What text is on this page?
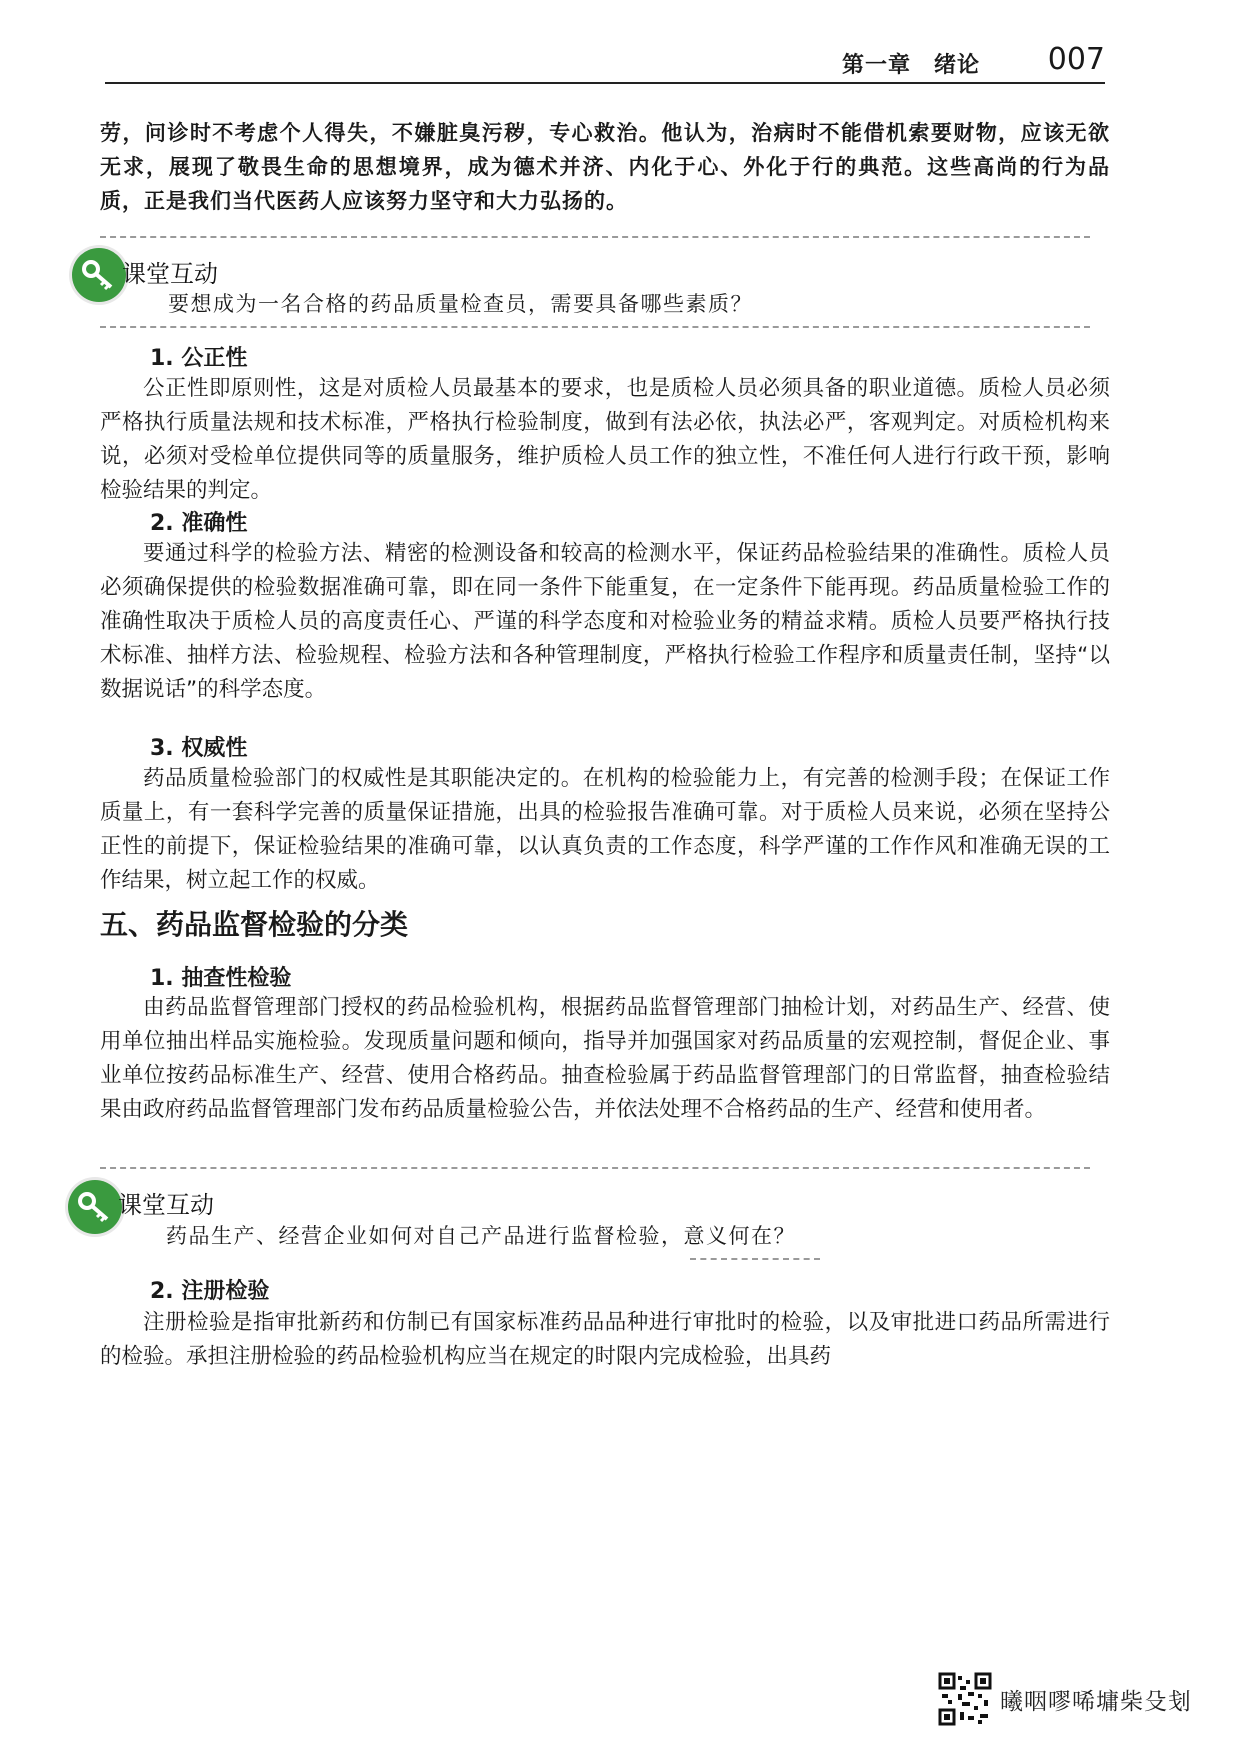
第一章　绪论 007

劳，问诊时不考虑个人得失，不嫌脏臭污秽，专心救治。他认为，治病时不能借机索要财物，应该无欲无求，展现了敬畏生命的思想境界，成为德术并济、内化于心、外化于行的典范。这些高尚的行为品质，正是我们当代医药人应该努力坚守和大力弘扬的。

课堂互动
要想成为一名合格的药品质量检查员，需要具备哪些素质？
1. 公正性

公正性即原则性，这是对质检人员最基本的要求，也是质检人员必须具备的职业道德。质检人员必须严格执行质量法规和技术标准，严格执行检验制度，做到有法必依，执法必严，客观判定。对质检机构来说，必须对受检单位提供同等的质量服务，维护质检人员工作的独立性，不准任何人进行行政干预，影响检验结果的判定。

2. 准确性

要通过科学的检验方法、精密的检测设备和较高的检测水平，保证药品检验结果的准确性。质检人员必须确保提供的检验数据准确可靠，即在同一条件下能重复，在一定条件下能再现。药品质量检验工作的准确性取决于质检人员的高度责任心、严谨的科学态度和对检验业务的精益求精。质检人员要严格执行技术标准、抽样方法、检验规程、检验方法和各种管理制度，严格执行检验工作程序和质量责任制，坚持“以数据说话”的科学态度。

3. 权威性

药品质量检验部门的权威性是其职能决定的。在机构的检验能力上，有完善的检测手段；在保证工作质量上，有一套科学完善的质量保证措施，出具的检验报告准确可靠。对于质检人员来说，必须在坚持公正性的前提下，保证检验结果的准确可靠，以认真负责的工作态度，科学严谨的工作作风和准确无误的工作结果，树立起工作的权威。

五、药品监督检验的分类
1. 抽查性检验

由药品监督管理部门授权的药品检验机构，根据药品监督管理部门抽检计划，对药品生产、经营、使用单位抽出样品实施检验。发现质量问题和倾向，指导并加强国家对药品质量的宏观控制，督促企业、事业单位按药品标准生产、经营、使用合格药品。抽查检验属于药品监督管理部门的日常监督，抽查检验结果由政府药品监督管理部门发布药品质量检验公告，并依法处理不合格药品的生产、经营和使用者。

课堂互动
药品生产、经营企业如何对自己产品进行监督检验，意义何在？
2. 注册检验

注册检验是指审批新药和仿制已有国家标准药品品种进行审批时的检验，以及审批进口药品所需进行的检验。承担注册检验的药品检验机构应当在规定的时限内完成检验，出具药

曦咽嘐唏墉柴殳刬
